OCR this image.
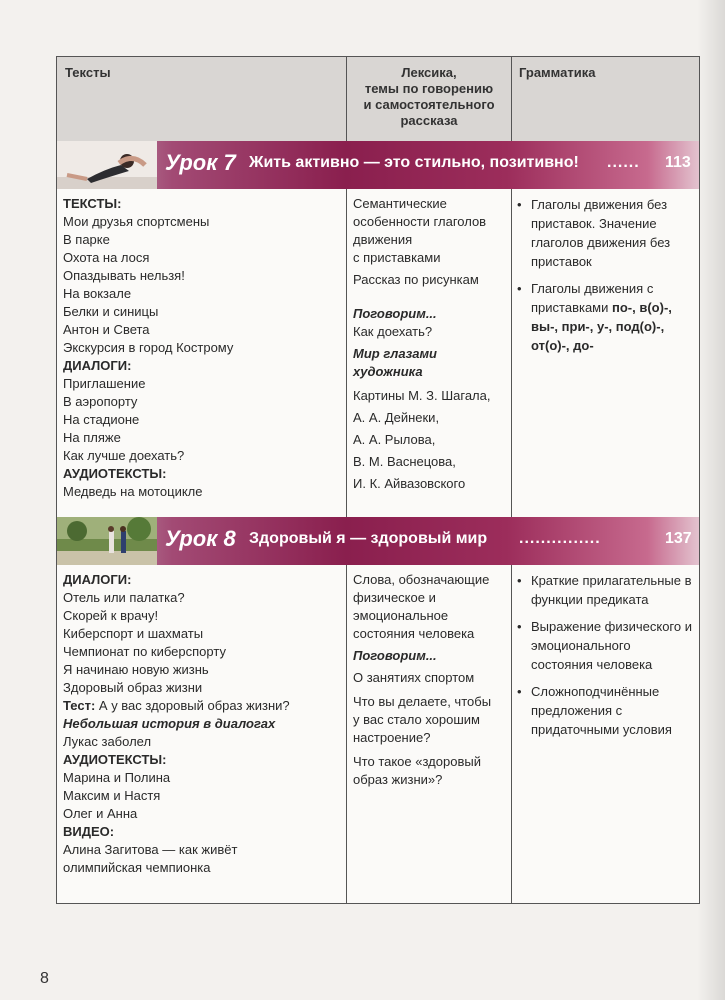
Тексты	Лексика,
темы по говорению
и самостоятельного
рассказа
Грамматика
Урок 7 Жить активно — это стильно, позитивно! ...... 113
ТЕКСТЫ:
Мои друзья спортсмены
В парке
Охота на лося
Опаздывать нельзя!
На вокзале
Белки и синицы
Антон и Света
Экскурсия в город Кострому
ДИАЛОГИ:
Приглашение
В аэропорту
На стадионе
На пляже
Как лучше доехать?
АУДИОТЕКСТЫ:
Медведь на мотоцикле
Семантические
особенности глаголов
движения
с приставками
Рассказ по рисункам
Поговорим...
Как доехать?
Мир глазами
художника
Картины М. З. Шагала,
А. А. Дейнеки,
А. А. Рылова,
В. М. Васнецова,
И. К. Айвазовского
• Глаголы движения без приставок. Значение глаголов движения без приставок
• Глаголы движения с приставками по-, в(о)-, вы-, при-, у-, под(о)-, от(о)-, до-
Урок 8 Здоровый я — здоровый мир ...............	137
ДИАЛОГИ:
Отель или палатка?
Скорей к врачу!
Киберспорт и шахматы
Чемпионат по киберспорту
Я начинаю новую жизнь
Здоровый образ жизни
Тест: А у вас здоровый образ жизни?
Небольшая история в диалогах
Лукас заболел
АУДИОТЕКСТЫ:
Марина и Полина
Максим и Настя
Олег и Анна
ВИДЕО:
Алина Загитова — как живёт
олимпийская чемпионка
Слова, обозначающие
физическое и
эмоциональное
состояния человека
Поговорим...
О занятиях спортом
Что вы делаете, чтобы
у вас стало хорошим
настроение?
Что такое «здоровый
образ жизни»?
• Краткие прилагательные в функции предиката
• Выражение физического и эмоционального состояния человека
• Сложноподчинённые предложения с придаточными условия
8
